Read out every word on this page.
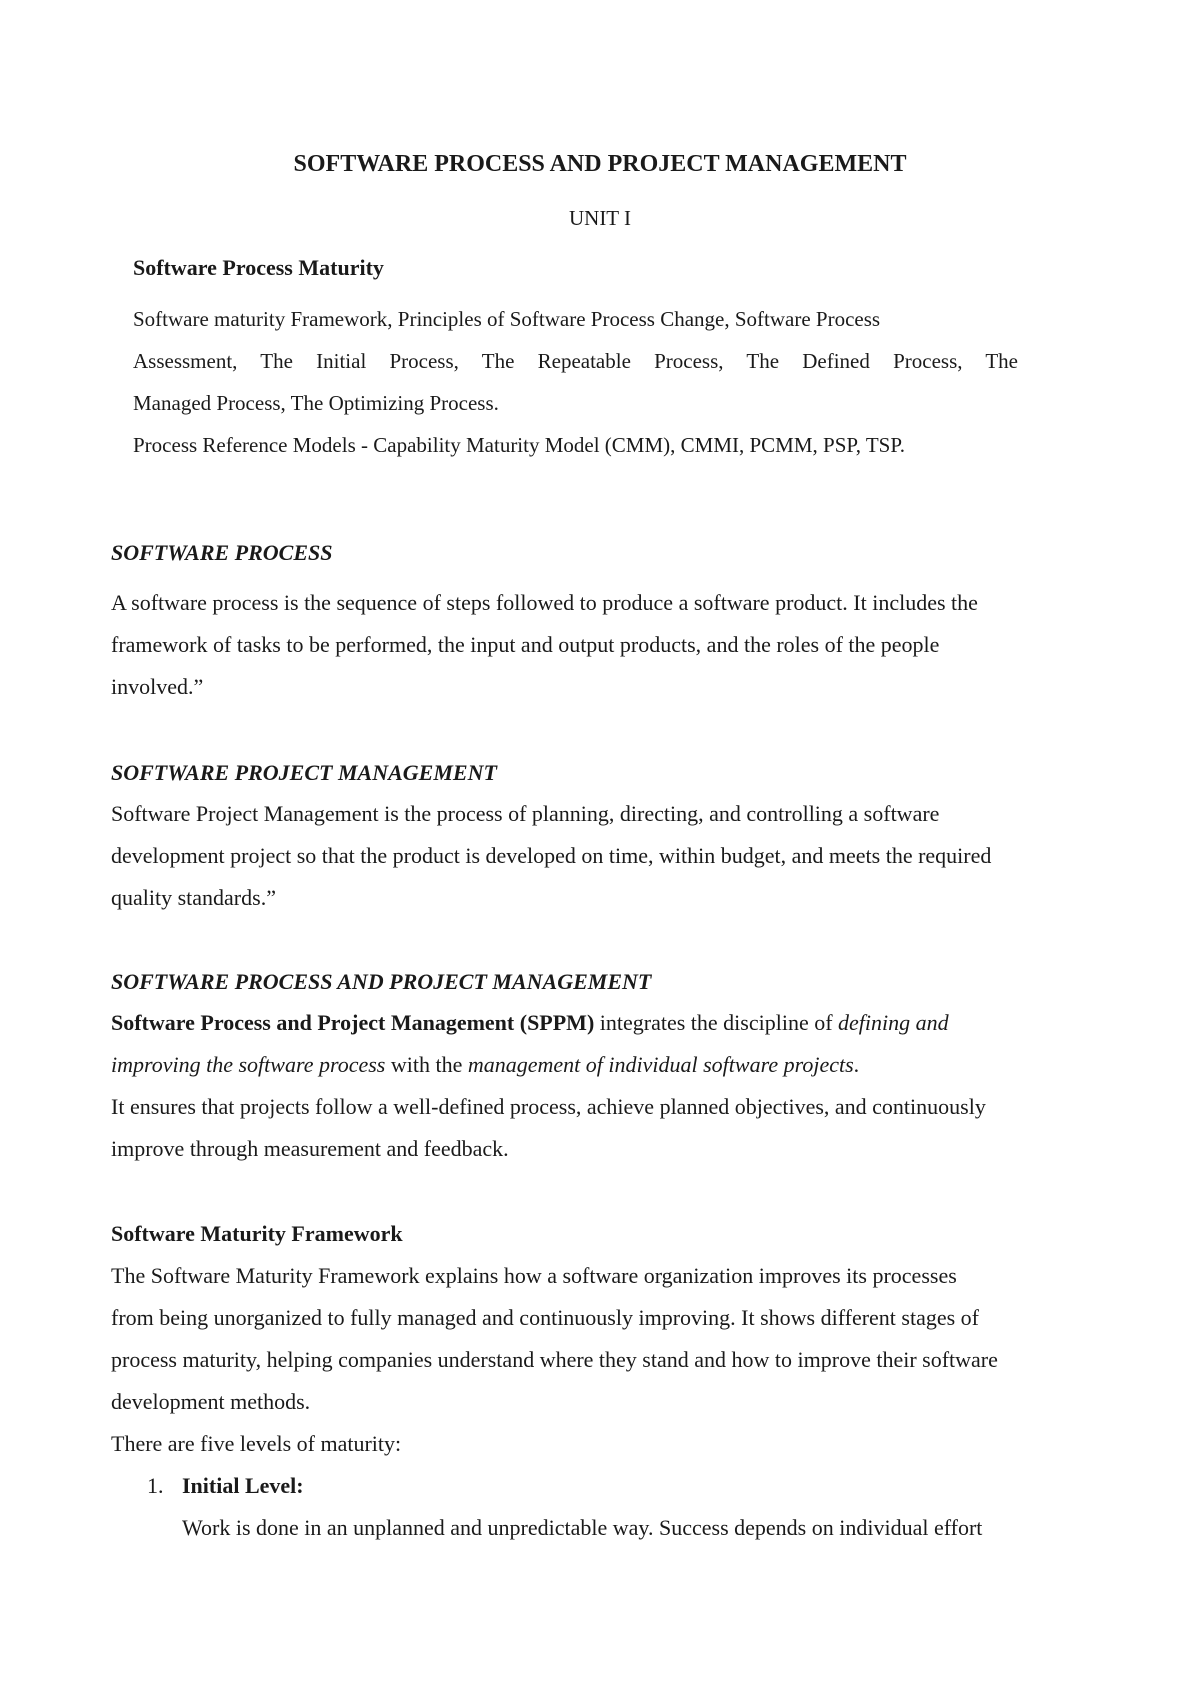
SOFTWARE PROCESS AND PROJECT MANAGEMENT

UNIT I

Software Process Maturity

Software maturity Framework, Principles of Software Process Change, Software Process

Assessment, The Initial Process, The Repeatable Process, The Defined Process, The

Managed Process, The Optimizing Process.

Process Reference Models - Capability Maturity Model (CMM), CMMI, PCMM, PSP, TSP.

SOFTWARE PROCESS

A software process is the sequence of steps followed to produce a software product. It includes the

framework of tasks to be performed, the input and output products, and the roles of the people

involved.”

SOFTWARE PROJECT MANAGEMENT

Software Project Management is the process of planning, directing, and controlling a software

development project so that the product is developed on time, within budget, and meets the required

quality standards.”

SOFTWARE PROCESS AND PROJECT MANAGEMENT

Software Process and Project Management (SPPM) integrates the discipline of defining and

improving the software process with the management of individual software projects.

It ensures that projects follow a well-defined process, achieve planned objectives, and continuously

improve through measurement and feedback.

Software Maturity Framework

The Software Maturity Framework explains how a software organization improves its processes

from being unorganized to fully managed and continuously improving. It shows different stages of

process maturity, helping companies understand where they stand and how to improve their software

development methods.

There are five levels of maturity:

1. Initial Level:

Work is done in an unplanned and unpredictable way. Success depends on individual effort
